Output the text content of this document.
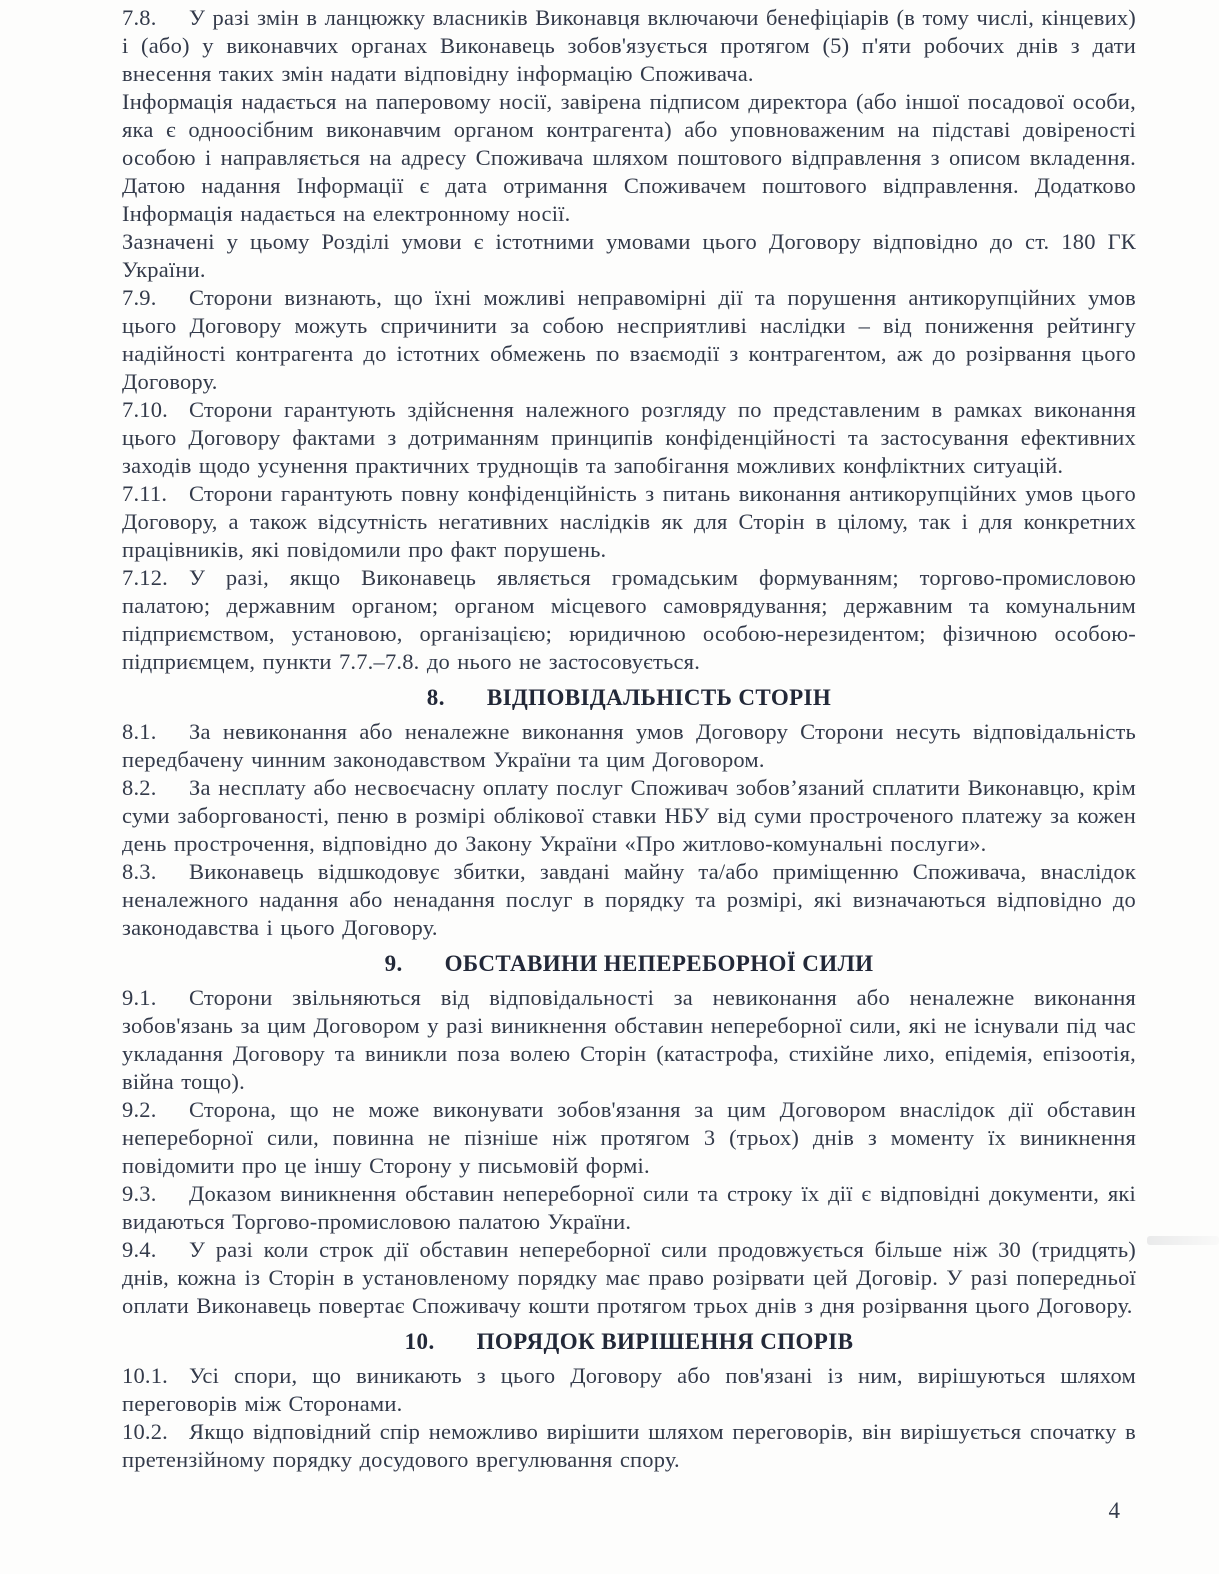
7.8. У разі змін в ланцюжку власників Виконавця включаючи бенефіціарів (в тому числі, кінцевих) і (або) у виконавчих органах Виконавець зобов'язується протягом (5) п'яти робочих днів з дати внесення таких змін надати відповідну інформацію Споживача.

Інформація надається на паперовому носії, завірена підписом директора (або іншої посадової особи, яка є одноосібним виконавчим органом контрагента) або уповноваженим на підставі довіреності особою і направляється на адресу Споживача шляхом поштового відправлення з описом вкладення. Датою надання Інформації є дата отримання Споживачем поштового відправлення. Додатково Інформація надається на електронному носії.

Зазначені у цьому Розділі умови є істотними умовами цього Договору відповідно до ст. 180 ГК України.

7.9. Сторони визнають, що їхні можливі неправомірні дії та порушення антикорупційних умов цього Договору можуть спричинити за собою несприятливі наслідки – від пониження рейтингу надійності контрагента до істотних обмежень по взаємодії з контрагентом, аж до розірвання цього Договору.

7.10. Сторони гарантують здійснення належного розгляду по представленим в рамках виконання цього Договору фактами з дотриманням принципів конфіденційності та застосування ефективних заходів щодо усунення практичних труднощів та запобігання можливих конфліктних ситуацій.

7.11. Сторони гарантують повну конфіденційність з питань виконання антикорупційних умов цього Договору, а також відсутність негативних наслідків як для Сторін в цілому, так і для конкретних працівників, які повідомили про факт порушень.

7.12. У разі, якщо Виконавець являється громадським формуванням; торгово-промисловою палатою; державним органом; органом місцевого самоврядування; державним та комунальним підприємством, установою, організацією; юридичною особою-нерезидентом; фізичною особою-підприємцем, пункти 7.7.–7.8. до нього не застосовується.

8. ВІДПОВІДАЛЬНІСТЬ СТОРІН

8.1. За невиконання або неналежне виконання умов Договору Сторони несуть відповідальність передбачену чинним законодавством України та цим Договором.

8.2. За несплату або несвоєчасну оплату послуг Споживач зобов’язаний сплатити Виконавцю, крім суми заборгованості, пеню в розмірі облікової ставки НБУ від суми простроченого платежу за кожен день прострочення, відповідно до Закону України «Про житлово-комунальні послуги».

8.3. Виконавець відшкодовує збитки, завдані майну та/або приміщенню Споживача, внаслідок неналежного надання або ненадання послуг в порядку та розмірі, які визначаються відповідно до законодавства і цього Договору.

9. ОБСТАВИНИ НЕПЕРЕБОРНОЇ СИЛИ

9.1. Сторони звільняються від відповідальності за невиконання або неналежне виконання зобов'язань за цим Договором у разі виникнення обставин непереборної сили, які не існували під час укладання Договору та виникли поза волею Сторін (катастрофа, стихійне лихо, епідемія, епізоотія, війна тощо).

9.2. Сторона, що не може виконувати зобов'язання за цим Договором внаслідок дії обставин непереборної сили, повинна не пізніше ніж протягом 3 (трьох) днів з моменту їх виникнення повідомити про це іншу Сторону у письмовій формі.

9.3. Доказом виникнення обставин непереборної сили та строку їх дії є відповідні документи, які видаються Торгово-промисловою палатою України.

9.4. У разі коли строк дії обставин непереборної сили продовжується більше ніж 30 (тридцять) днів, кожна із Сторін в установленому порядку має право розірвати цей Договір. У разі попередньої оплати Виконавець повертає Споживачу кошти протягом трьох днів з дня розірвання цього Договору.

10. ПОРЯДОК ВИРІШЕННЯ СПОРІВ

10.1. Усі спори, що виникають з цього Договору або пов'язані із ним, вирішуються шляхом переговорів між Сторонами.

10.2. Якщо відповідний спір неможливо вирішити шляхом переговорів, він вирішується спочатку в претензійному порядку досудового врегулювання спору.

4
